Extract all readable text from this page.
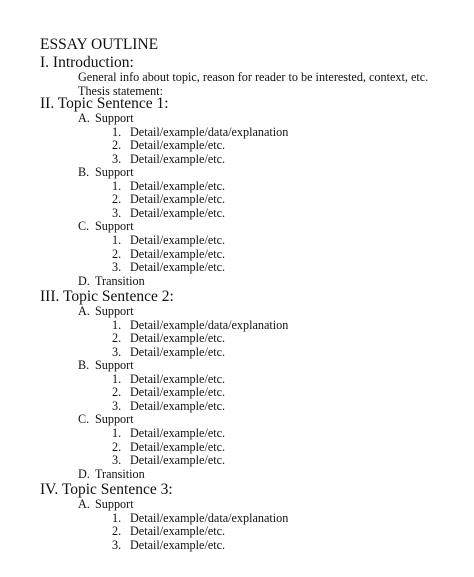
ESSAY OUTLINE
I. Introduction:
General info about topic, reason for reader to be interested, context, etc.
Thesis statement:
II. Topic Sentence 1:
A. Support
1. Detail/example/data/explanation
2. Detail/example/etc.
3. Detail/example/etc.
B. Support
1. Detail/example/etc.
2. Detail/example/etc.
3. Detail/example/etc.
C. Support
1. Detail/example/etc.
2. Detail/example/etc.
3. Detail/example/etc.
D. Transition
III. Topic Sentence 2:
A. Support
1. Detail/example/data/explanation
2. Detail/example/etc.
3. Detail/example/etc.
B. Support
1. Detail/example/etc.
2. Detail/example/etc.
3. Detail/example/etc.
C. Support
1. Detail/example/etc.
2. Detail/example/etc.
3. Detail/example/etc.
D. Transition
IV. Topic Sentence 3:
A. Support
1. Detail/example/data/explanation
2. Detail/example/etc.
3. Detail/example/etc.
